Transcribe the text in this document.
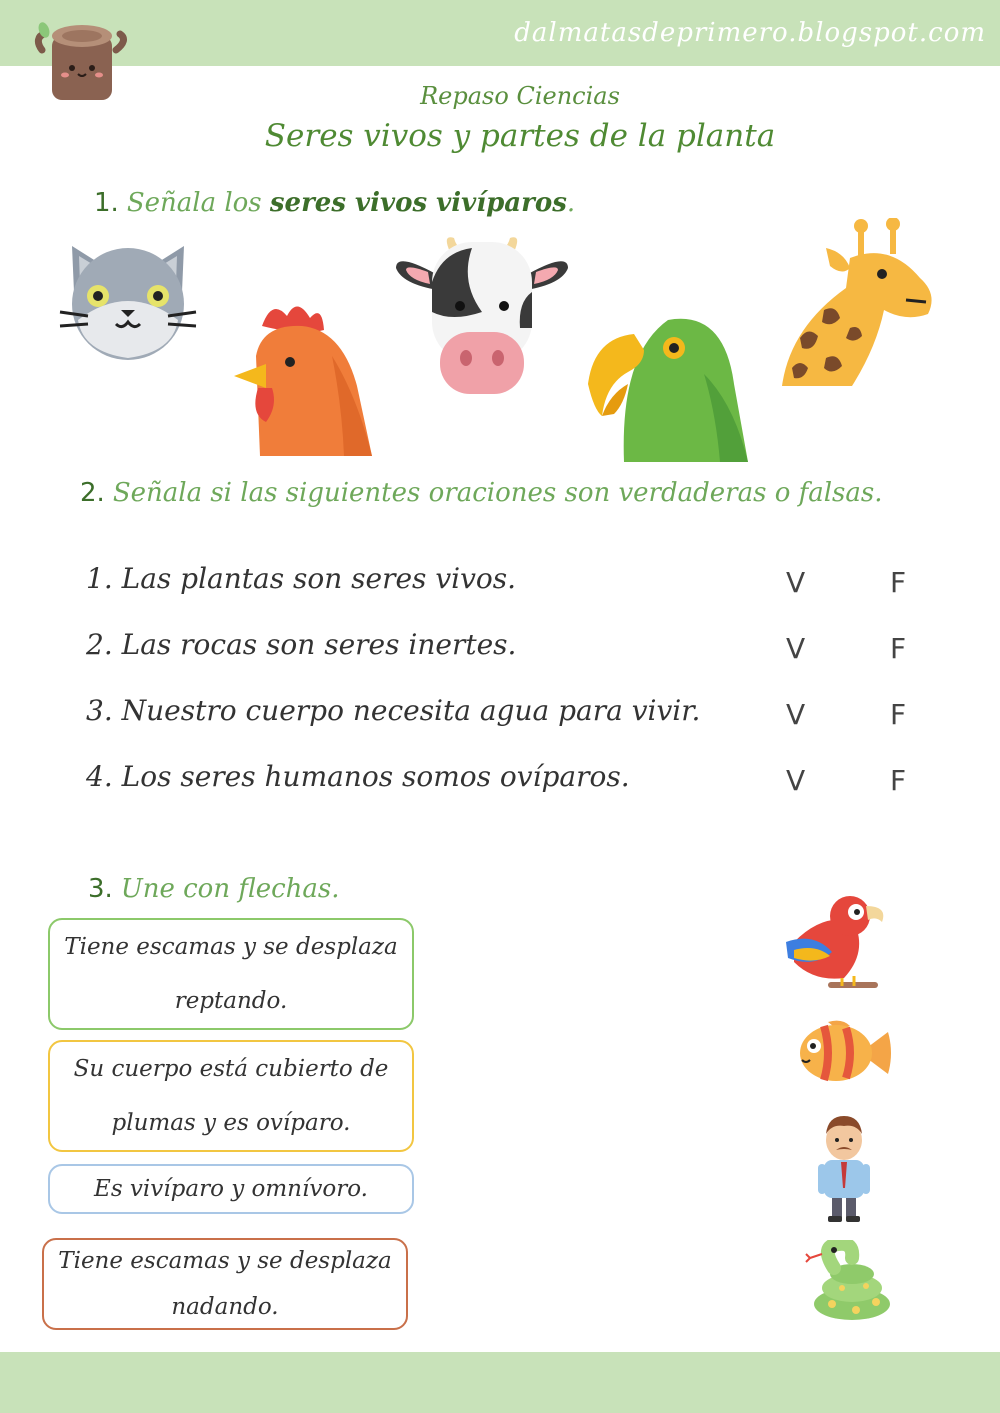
dalmatasdeprimero.blogspot.com
Repaso Ciencias
Seres vivos y partes de la planta
1. Señala los seres vivos vivíparos.
2. Señala si las siguientes oraciones son verdaderas o falsas.
1. Las plantas son seres vivos.	V	F
2. Las rocas son seres inertes.	V	F
3. Nuestro cuerpo necesita agua para vivir.	V	F
4. Los seres humanos somos ovíparos.	V	F
3. Une con flechas.
Tiene escamas y se desplaza
reptando.
Su cuerpo está cubierto de
plumas y es ovíparo.
Es vivíparo y omnívoro.
Tiene escamas y se desplaza
nadando.
